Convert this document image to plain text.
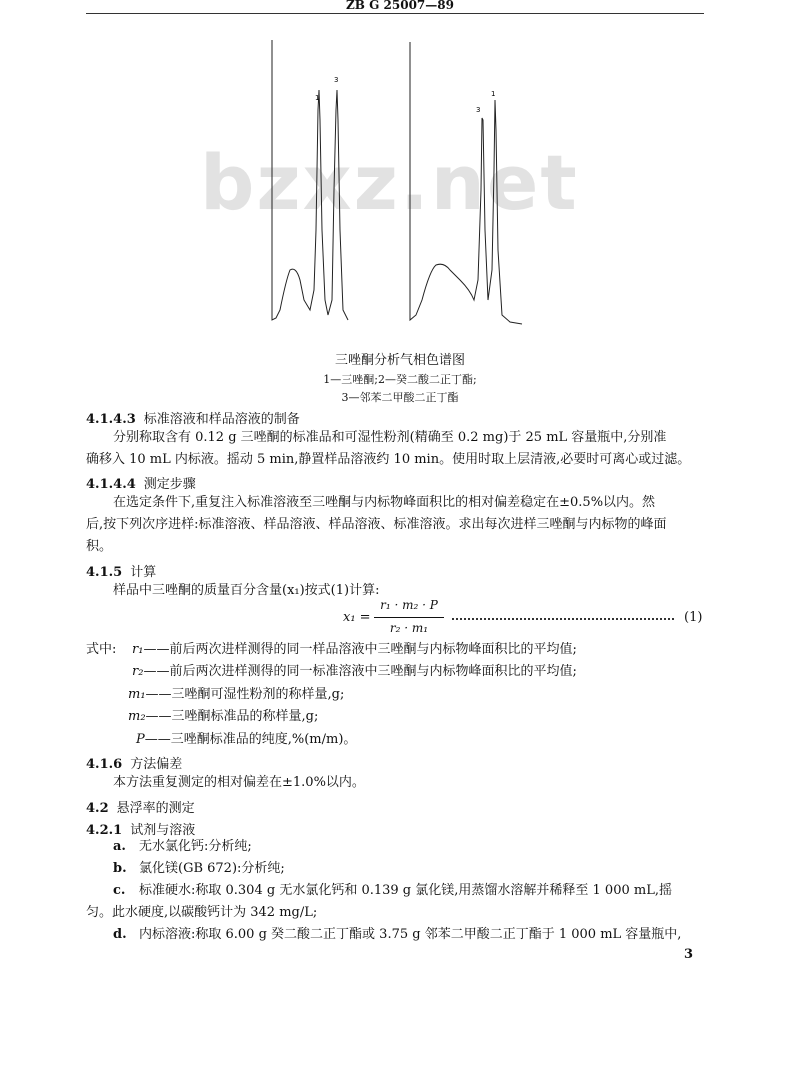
ZB G 25007—89
bzxz.net
1
3
3
1
三唑酮分析气相色谱图
1—三唑酮;2—癸二酸二正丁酯;
3—邻苯二甲酸二正丁酯
4.1.4.3 标准溶液和样品溶液的制备
分别称取含有 0.12 g 三唑酮的标准品和可湿性粉剂(精确至 0.2 mg)于 25 mL 容量瓶中,分别准
确移入 10 mL 内标液。摇动 5 min,静置样品溶液约 10 min。使用时取上层清液,必要时可离心或过滤。
4.1.4.4 测定步骤
在选定条件下,重复注入标准溶液至三唑酮与内标物峰面积比的相对偏差稳定在±0.5%以内。然
后,按下列次序进样:标准溶液、样品溶液、样品溶液、标准溶液。求出每次进样三唑酮与内标物的峰面
积。
4.1.5 计算
样品中三唑酮的质量百分含量(x₁)按式(1)计算:
x₁ =
r₁ · m₂ · P
r₂ · m₁
(1)
式中: r₁——前后两次进样测得的同一样品溶液中三唑酮与内标物峰面积比的平均值;
r₂——前后两次进样测得的同一标准溶液中三唑酮与内标物峰面积比的平均值;
m₁——三唑酮可湿性粉剂的称样量,g;
m₂——三唑酮标准品的称样量,g;
P——三唑酮标准品的纯度,%(m/m)。
4.1.6 方法偏差
本方法重复测定的相对偏差在±1.0%以内。
4.2 悬浮率的测定
4.2.1 试剂与溶液
a. 无水氯化钙:分析纯;
b. 氯化镁(GB 672):分析纯;
c. 标准硬水:称取 0.304 g 无水氯化钙和 0.139 g 氯化镁,用蒸馏水溶解并稀释至 1 000 mL,摇
匀。此水硬度,以碳酸钙计为 342 mg/L;
d. 内标溶液:称取 6.00 g 癸二酸二正丁酯或 3.75 g 邻苯二甲酸二正丁酯于 1 000 mL 容量瓶中,
3
